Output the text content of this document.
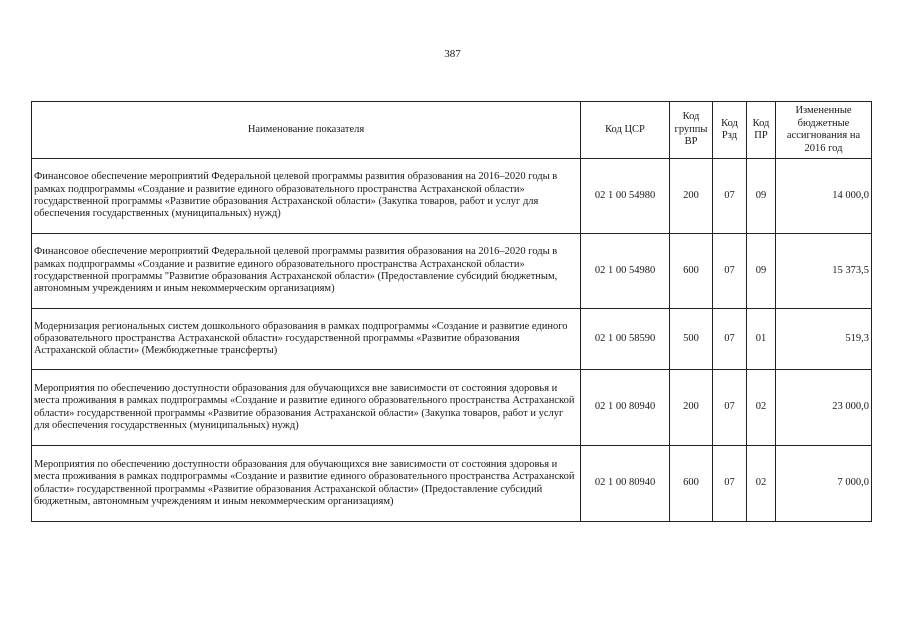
387
Наименование показателя	Код ЦСР	Код группы ВР	Код Рзд	Код ПР	Измененные бюджетные ассигнования на 2016 год
Финансовое обеспечение мероприятий Федеральной целевой программы развития образования на 2016–2020 годы в рамках подпрограммы «Создание и развитие единого образовательного пространства Астраханской области» государственной программы «Развитие образования Астраханской области» (Закупка товаров, работ и услуг для обеспечения государственных (муниципальных) нужд)	02 1 00 54980	200	07	09	14 000,0
Финансовое обеспечение мероприятий Федеральной целевой программы развития образования на 2016–2020 годы в рамках подпрограммы «Создание и развитие единого образовательного пространства Астраханской области» государственной программы "Развитие образования Астраханской области» (Предоставление субсидий бюджетным, автономным учреждениям и иным некоммерческим организациям)	02 1 00 54980	600	07	09	15 373,5
Модернизация региональных систем дошкольного образования в рамках подпрограммы «Создание и развитие единого образовательного пространства Астраханской области» государственной программы «Развитие образования Астраханской области» (Межбюджетные трансферты)	02 1 00 58590	500	07	01	519,3
Мероприятия по обеспечению доступности образования для обучающихся вне зависимости от состояния здоровья и места проживания в рамках подпрограммы «Создание и развитие единого образовательного пространства Астраханской области» государственной программы «Развитие образования Астраханской области» (Закупка товаров, работ и услуг для обеспечения государственных (муниципальных) нужд)	02 1 00 80940	200	07	02	23 000,0
Мероприятия по обеспечению доступности образования для обучающихся вне зависимости от состояния здоровья и места проживания в рамках подпрограммы «Создание и развитие единого образовательного пространства Астраханской области» государственной программы «Развитие образования Астраханской области» (Предоставление субсидий бюджетным, автономным учреждениям и иным некоммерческим организациям)	02 1 00 80940	600	07	02	7 000,0
